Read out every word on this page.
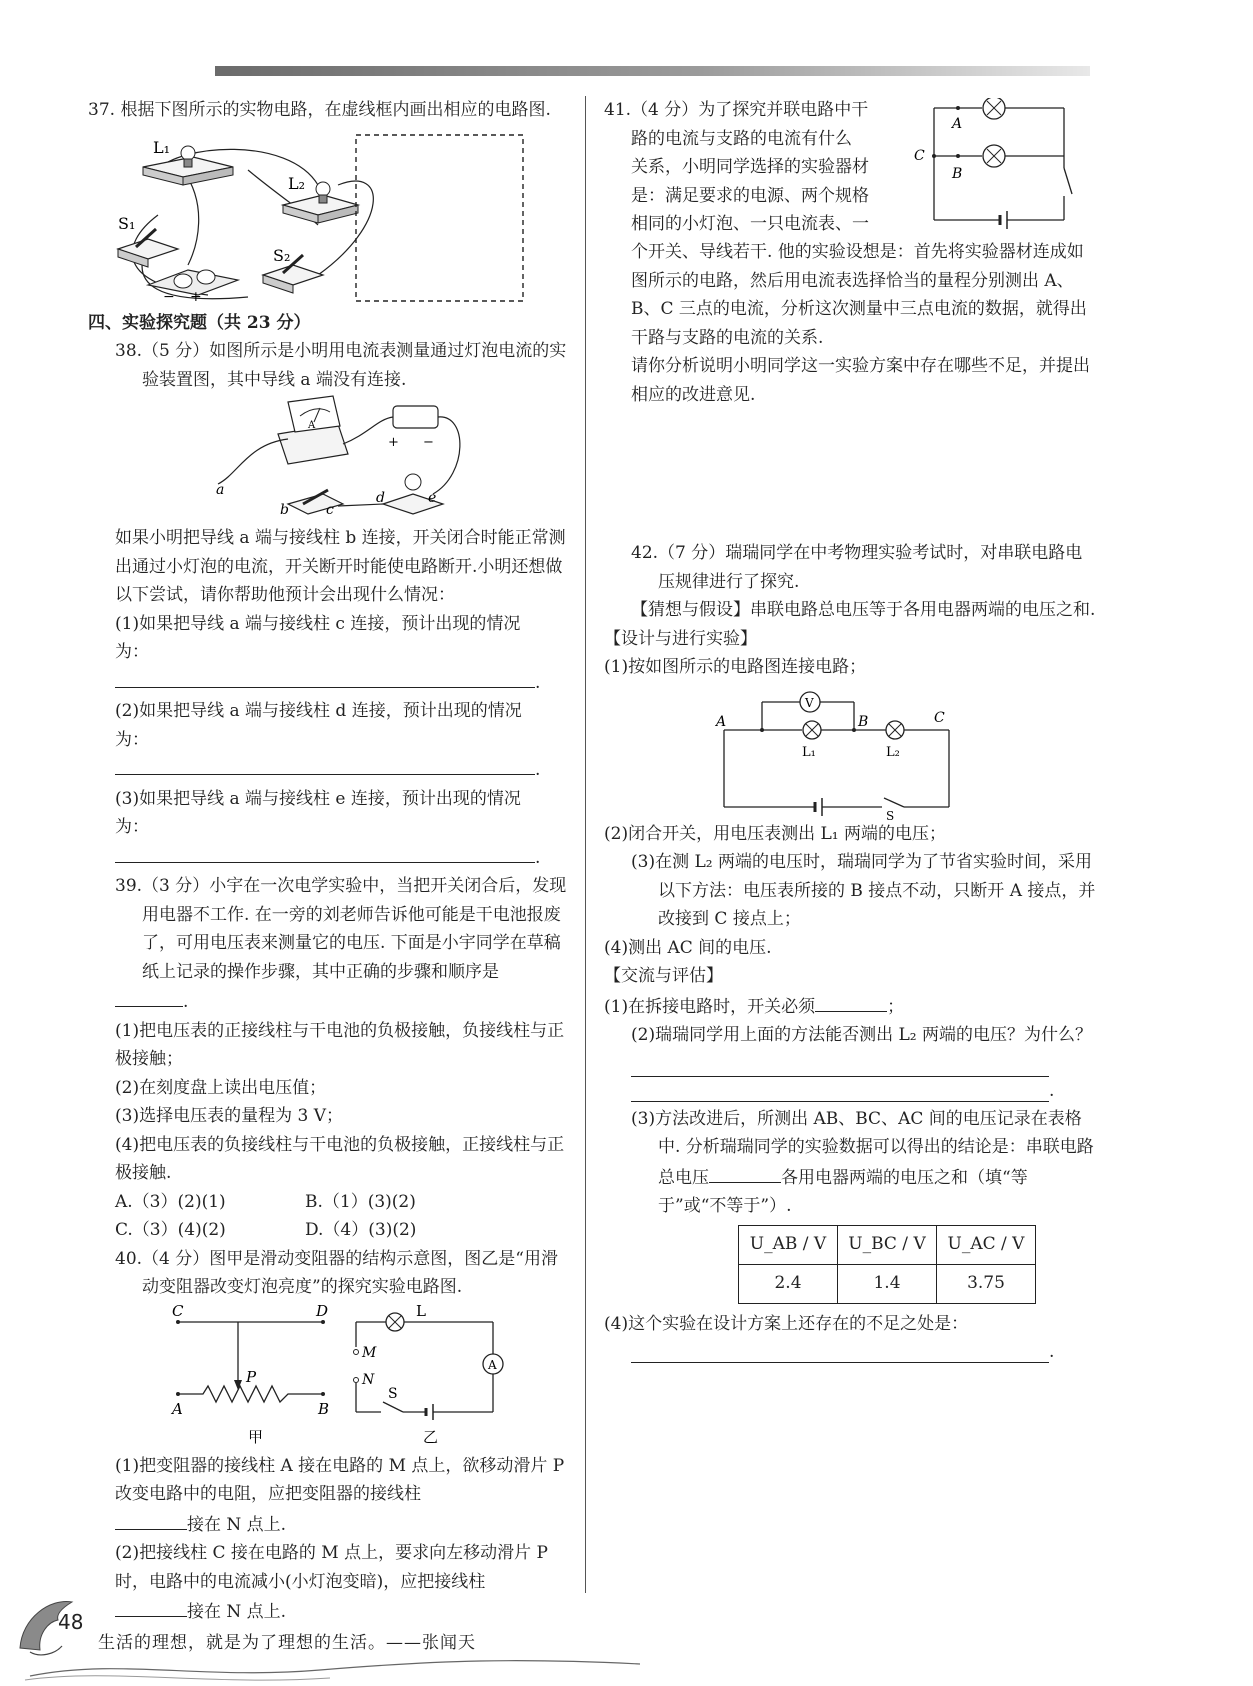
37. 根据下图所示的实物电路，在虚线框内画出相应的电路图.

− +
L₁
L₂
S₁
S₂

四、实验探究题（共 23 分）

38.（5 分）如图所示是小明用电流表测量通过灯泡电流的实验装置图，其中导线 a 端没有连接.

A
+ −
a
b	c
d	e

如果小明把导线 a 端与接线柱 b 连接，开关闭合时能正常测出通过小灯泡的电流，开关断开时能使电路断开.小明还想做以下尝试，请你帮助他预计会出现什么情况：

(1)如果把导线 a 端与接线柱 c 连接，预计出现的情况

为：.

(2)如果把导线 a 端与接线柱 d 连接，预计出现的情况

为：.

(3)如果把导线 a 端与接线柱 e 连接，预计出现的情况

为：.

39.（3 分）小宇在一次电学实验中，当把开关闭合后，发现用电器不工作. 在一旁的刘老师告诉他可能是干电池报废了，可用电压表来测量它的电压. 下面是小宇同学在草稿纸上记录的操作步骤，其中正确的步骤和顺序是

.

(1)把电压表的正接线柱与干电池的负极接触，负接线柱与正极接触；

(2)在刻度盘上读出电压值；

(3)选择电压表的量程为 3 V；

(4)把电压表的负接线柱与干电池的负极接触，正接线柱与正极接触.

A.（3）(2)(1)	B.（1）(3)(2)
C.（3）(4)(2)	D.（4）(3)(2)

40.（4 分）图甲是滑动变阻器的结构示意图，图乙是“用滑动变阻器改变灯泡亮度”的探究实验电路图.

C	D
P
A	B
甲
A
L
M
N
S
乙

(1)把变阻器的接线柱 A 接在电路的 M 点上，欲移动滑片 P 改变电路中的电阻，应把变阻器的接线柱

接在 N 点上.

(2)把接线柱 C 接在电路的 M 点上，要求向左移动滑片 P 时，电路中的电流减小(小灯泡变暗)，应把接线柱

接在 N 点上.

41.（4 分）为了探究并联电路中干

路的电流与支路的电流有什么

关系，小明同学选择的实验器材

是：满足要求的电源、两个规格

相同的小灯泡、一只电流表、一

A
B
C

个开关、导线若干. 他的实验设想是：首先将实验器材连成如图所示的电路，然后用电流表选择恰当的量程分别测出 A、B、C 三点的电流，分析这次测量中三点电流的数据，就得出干路与支路的电流的关系.

请你分析说明小明同学这一实验方案中存在哪些不足，并提出相应的改进意见.

42.（7 分）瑞瑞同学在中考物理实验考试时，对串联电路电压规律进行了探究.

【猜想与假设】串联电路总电压等于各用电器两端的电压之和.

【设计与进行实验】

(1)按如图所示的电路图连接电路；

V
A	B	C
L₁	L₂
S

(2)闭合开关，用电压表测出 L₁ 两端的电压；

(3)在测 L₂ 两端的电压时，瑞瑞同学为了节省实验时间，采用以下方法：电压表所接的 B 接点不动，只断开 A 接点，并改接到 C 接点上；

(4)测出 AC 间的电压.

【交流与评估】

(1)在拆接电路时，开关必须	；

(2)瑞瑞同学用上面的方法能否测出 L₂ 两端的电压？为什么？

.

(3)方法改进后，所测出 AB、BC、AC 间的电压记录在表格中. 分析瑞瑞同学的实验数据可以得出的结论是：串联电路总电压	各用电器两端的电压之和（填“等于”或“不等于”）.

U_AB / V	U_BC / V	U_AC / V
2.4	1.4	3.75

(4)这个实验在设计方案上还存在的不足之处是：

.
48
生活的理想，就是为了理想的生活。——张闻天
